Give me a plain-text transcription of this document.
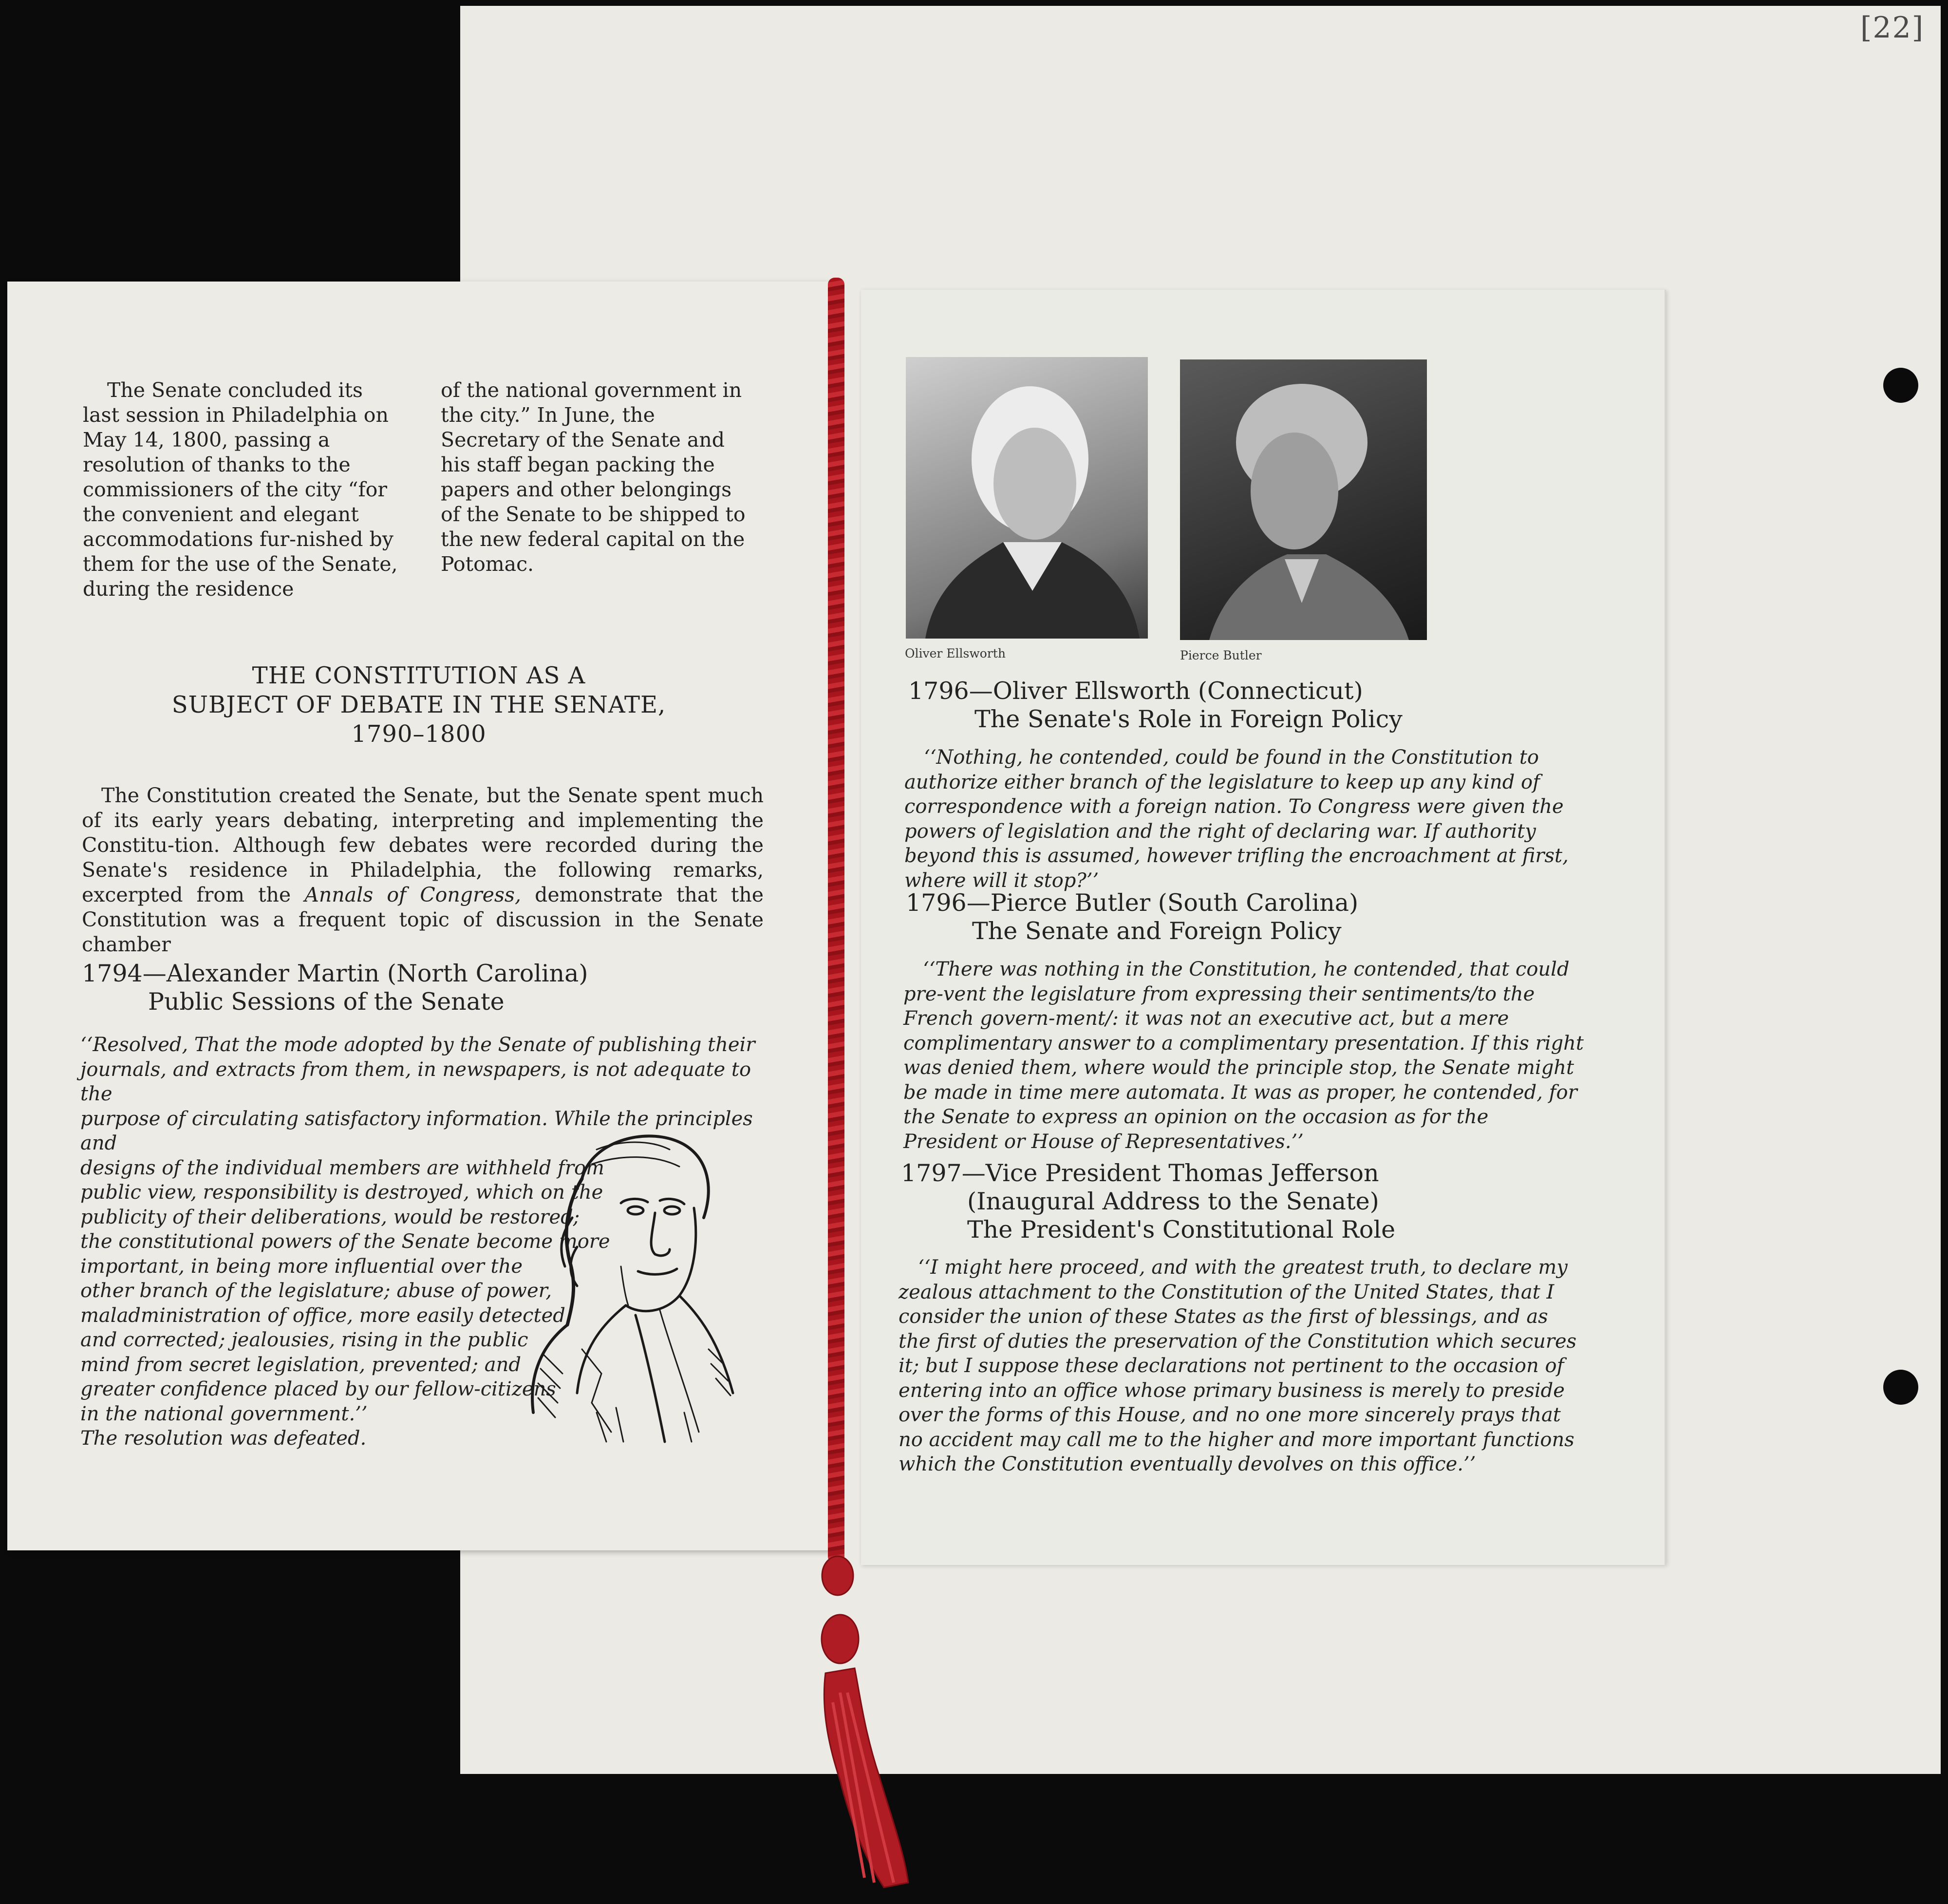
[22]

The Senate concluded its last session in Philadelphia on May 14, 1800, passing a resolution of thanks to the commissioners of the city “for the convenient and elegant accommodations fur-nished by them for the use of the Senate, during the residence

of the national government in the city.” In June, the Secretary of the Senate and his staff began packing the papers and other belongings of the Senate to be shipped to the new federal capital on the Potomac.

THE CONSTITUTION AS A
SUBJECT OF DEBATE IN THE SENATE,
1790–1800

The Constitution created the Senate, but the Senate spent much of its early years debating, interpreting and implementing the Constitu-tion. Although few debates were recorded during the Senate's residence in Philadelphia, the following remarks, excerpted from the Annals of Congress, demonstrate that the Constitution was a frequent topic of discussion in the Senate chamber

1794—Alexander Martin (North Carolina)
Public Sessions of the Senate
‘‘Resolved, That the mode adopted by the Senate of publishing their
journals, and extracts from them, in newspapers, is not adequate to the
purpose of circulating satisfactory information. While the principles and
designs of the individual members are withheld from
public view, responsibility is destroyed, which on the
publicity of their deliberations, would be restored;
the constitutional powers of the Senate become more
important, in being more influential over the
other branch of the legislature; abuse of power,
maladministration of office, more easily detected
and corrected; jealousies, rising in the public
mind from secret legislation, prevented; and
greater confidence placed by our fellow-citizens
in the national government.’’
The resolution was defeated.
Oliver Ellsworth	Pierce Butler
1796—Oliver Ellsworth (Connecticut)
The Senate's Role in Foreign Policy

‘‘Nothing, he contended, could be found in the Constitution to authorize either branch of the legislature to keep up any kind of correspondence with a foreign nation. To Congress were given the powers of legislation and the right of declaring war. If authority beyond this is assumed, however trifling the encroachment at first, where will it stop?’’

1796—Pierce Butler (South Carolina)
The Senate and Foreign Policy

‘‘There was nothing in the Constitution, he contended, that could pre-vent the legislature from expressing their sentiments/to the French govern-ment/: it was not an executive act, but a mere complimentary answer to a complimentary presentation. If this right was denied them, where would the principle stop, the Senate might be made in time mere automata. It was as proper, he contended, for the Senate to express an opinion on the occasion as for the President or House of Representatives.’’

1797—Vice President Thomas Jefferson
(Inaugural Address to the Senate)
The President's Constitutional Role

‘‘I might here proceed, and with the greatest truth, to declare my zealous attachment to the Constitution of the United States, that I consider the union of these States as the first of blessings, and as the first of duties the preservation of the Constitution which secures it; but I suppose these declarations not pertinent to the occasion of entering into an office whose primary business is merely to preside over the forms of this House, and no one more sincerely prays that no accident may call me to the higher and more important functions which the Constitution eventually devolves on this office.’’
